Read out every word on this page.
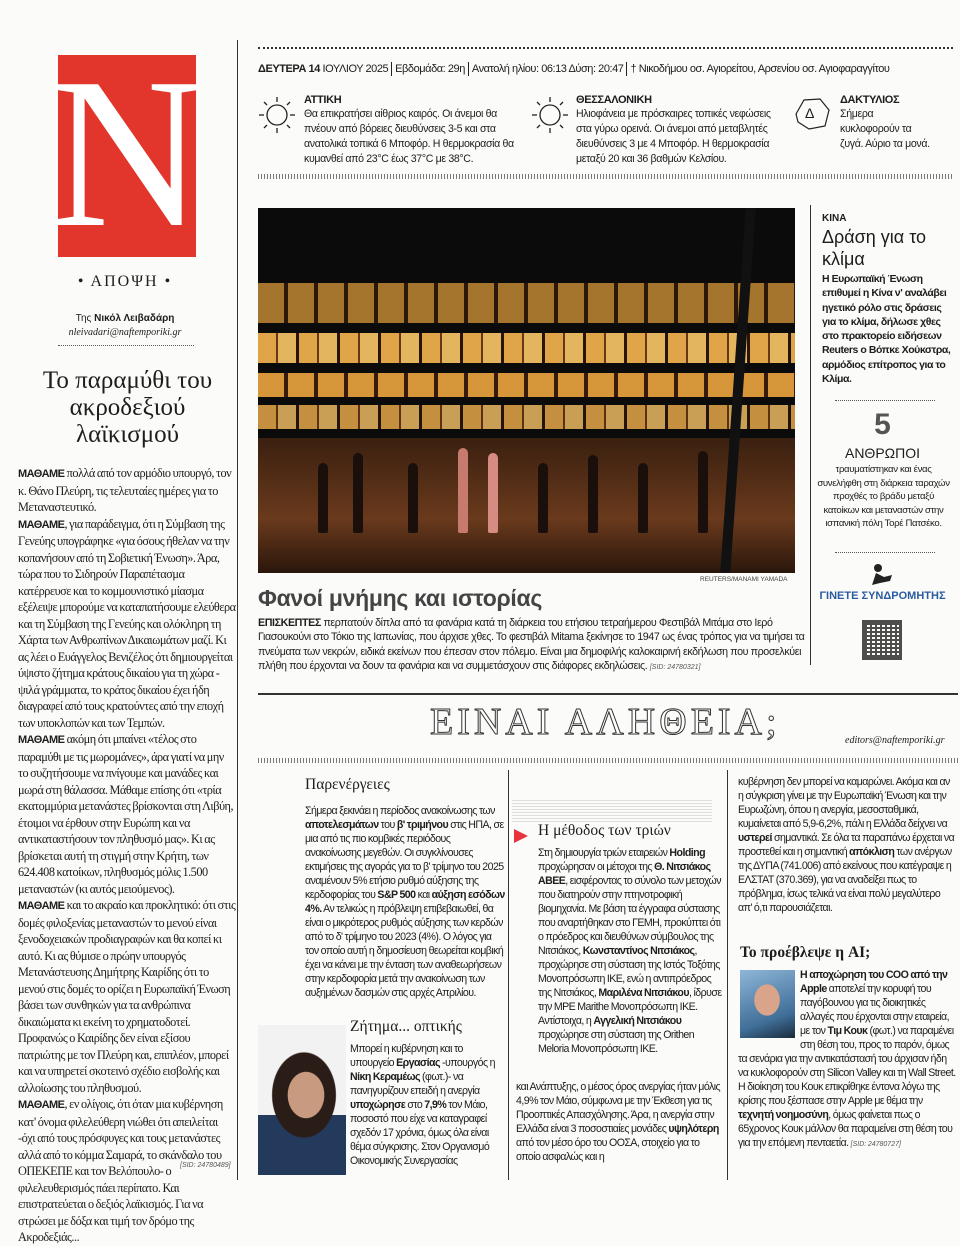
N
• ΑΠΟΨΗ •
Της Νικόλ Λειβαδάρη
nleivadari@naftemporiki.gr
Το παραμύθι του ακροδεξιού λαϊκισμού

ΜΑΘΑΜΕ πολλά από τον αρμόδιο υπουργό, τον κ. Θάνο Πλεύρη, τις τελευταίες ημέρες για το Μεταναστευτικό.

ΜΑΘΑΜΕ, για παράδειγμα, ότι η Σύμβαση της Γενεύης υπογράφηκε «για όσους ήθελαν να την κοπανήσουν από τη Σοβιετική Ένωση». Άρα, τώρα που το Σιδηρούν Παραπέτασμα κατέρρευσε και το κομμουνιστικό μίασμα εξέλειψε μπορούμε να καταπατήσουμε ελεύθερα και τη Σύμβαση της Γενεύης και ολόκληρη τη Χάρτα των Ανθρωπίνων Δικαιωμάτων μαζί. Κι ας λέει ο Ευάγγελος Βενιζέλος ότι δημιουργείται ύψιστο ζήτημα κράτους δικαίου για τη χώρα - ψιλά γράμματα, το κράτος δικαίου έχει ήδη διαγραφεί από τους κρατούντες από την εποχή των υποκλοπών και των Τεμπών.

ΜΑΘΑΜΕ ακόμη ότι μπαίνει «τέλος στο παραμύθι με τις μωρομάνες», άρα γιατί να μην το συζητήσουμε να πνίγουμε και μανάδες και μωρά στη θάλασσα. Μάθαμε επίσης ότι «τρία εκατομμύρια μετανάστες βρίσκονται στη Λιβύη, έτοιμοι να έρθουν στην Ευρώπη και να αντικαταστήσουν τον πληθυσμό μας». Κι ας βρίσκεται αυτή τη στιγμή στην Κρήτη, των 624.408 κατοίκων, πληθυσμός μόλις 1.500 μεταναστών (κι αυτός μειούμενος).

ΜΑΘΑΜΕ και το ακραίο και προκλητικό: ότι στις δομές φιλοξενίας μεταναστών το μενού είναι ξενοδοχειακών προδιαγραφών και θα κοπεί κι αυτό. Κι ας θύμισε ο πρώην υπουργός Μετανάστευσης Δημήτρης Καιρίδης ότι το μενού στις δομές το ορίζει η Ευρωπαϊκή Ένωση βάσει των συνθηκών για τα ανθρώπινα δικαιώματα κι εκείνη το χρηματοδοτεί. Προφανώς ο Καιρίδης δεν είναι εξίσου πατριώτης με τον Πλεύρη και, επιπλέον, μπορεί και να υπηρετεί σκοτεινό σχέδιο εισβολής και αλλοίωσης του πληθυσμού.

ΜΑΘΑΜΕ, εν ολίγοις, ότι όταν μια κυβέρνηση κατ' όνομα φιλελεύθερη νιώθει ότι απειλείται -όχι από τους πρόσφυγες και τους μετανάστες αλλά από το κόμμα Σαμαρά, το σκάνδαλο του ΟΠΕΚΕΠΕ και τον Βελόπουλο- ο φιλελευθερισμός πάει περίπατο. Και επιστρατεύεται ο δεξιός λαϊκισμός. Για να στρώσει με δόξα και τιμή τον δρόμο της Ακροδεξιάς...

[SID: 24780489]
ΔΕΥΤΕΡΑ 14 ΙΟΥΛΙΟΥ 2025 Εβδομάδα: 29η Ανατολή ηλίου: 06:13 Δύση: 20:47 † Νικοδήμου οσ. Αγιορείτου, Αρσενίου οσ. Αγιοφαραγγίτου
ΑΤΤΙΚΗ
Θα επικρατήσει αίθριος καιρός. Οι άνεμοι θα πνέουν από βόρειες διευθύνσεις 3-5 και στα ανατολικά τοπικά 6 Μποφόρ. Η θερμοκρασία θα κυμανθεί από 23°C έως 37°C με 38°C.
ΘΕΣΣΑΛΟΝΙΚΗ
Ηλιοφάνεια με πρόσκαιρες τοπικές νεφώσεις στα γύρω ορεινά. Οι άνεμοι από μεταβλητές διευθύνσεις 3 με 4 Μποφόρ. Η θερμοκρασία μεταξύ 20 και 36 βαθμών Κελσίου.
Δ
ΔΑΚΤΥΛΙΟΣ
Σήμερα κυκλοφορούν τα ζυγά. Αύριο τα μονά.
REUTERS/MANAMI YAMADA
Φανοί μνήμης και ιστορίας
ΕΠΙΣΚΕΠΤΕΣ περπατούν δίπλα από τα φανάρια κατά τη διάρκεια του ετήσιου τετραήμερου Φεστιβάλ Μιτάμα στο Ιερό Γιασουκούνι στο Τόκιο της Ιαπωνίας, που άρχισε χθες. Το φεστιβάλ Mitama ξεκίνησε το 1947 ως ένας τρόπος για να τιμήσει τα πνεύματα των νεκρών, ειδικά εκείνων που έπεσαν στον πόλεμο. Είναι μια δημοφιλής καλοκαιρινή εκδήλωση που προσελκύει πλήθη που έρχονται να δουν τα φανάρια και να συμμετάσχουν στις διάφορες εκδηλώσεις. [SID: 24780321]
ΚΙΝΑ
Δράση για το κλίμα
Η Ευρωπαϊκή Ένωση επιθυμεί η Κίνα ν' αναλάβει ηγετικό ρόλο στις δράσεις για το κλίμα, δήλωσε χθες στο πρακτορείο ειδήσεων Reuters ο Βόπκε Χούκστρα, αρμόδιος επίτροπος για το Κλίμα.
5
ΑΝΘΡΩΠΟΙ
τραυματίστηκαν και ένας συνελήφθη στη διάρκεια ταραχών προχθές το βράδυ μεταξύ κατοίκων και μεταναστών στην ισπανική πόλη Τορέ Πατσέκο.
ΓΙΝΕΤΕ ΣΥΝΔΡΟΜΗΤΗΣ
ΕΙΝΑΙ ΑΛΗΘΕΙΑ;	editors@naftemporiki.gr
Παρενέργειες
Σήμερα ξεκινάει η περίοδος ανακοίνωσης των αποτελεσμάτων του β' τριμήνου στις ΗΠΑ, σε μια από τις πιο κομβικές περιόδους ανακοίνωσης μεγεθών. Οι συγκλίνουσες εκτιμήσεις της αγοράς για το β' τρίμηνο του 2025 αναμένουν 5% ετήσιο ρυθμό αύξησης της κερδοφορίας του S&P 500 και αύξηση εσόδων 4%. Αν τελικώς η πρόβλεψη επιβεβαιωθεί, θα είναι ο μικρότερος ρυθμός αύξησης των κερδών από το δ' τρίμηνο του 2023 (4%). Ο λόγος για τον οποίο αυτή η δημοσίευση θεωρείται κομβική έχει να κάνει με την ένταση των αναθεωρήσεων στην κερδοφορία μετά την ανακοίνωση των αυξημένων δασμών στις αρχές Απριλίου.
Ζήτημα... οπτικής
Μπορεί η κυβέρνηση και το υπουργείο Εργασίας -υπουργός η Νίκη Κεραμέως (φωτ.)- να πανηγυρίζουν επειδή η ανεργία υποχώρησε στο 7,9% τον Μάιο, ποσοστό που είχε να καταγραφεί σχεδόν 17 χρόνια, όμως όλα είναι θέμα σύγκρισης. Στον Οργανισμό Οικονομικής Συνεργασίας
Η μέθοδος των τριών
Στη δημιουργία τριών εταιρειών Holding προχώρησαν οι μέτοχοι της Θ. Νιτσιάκος ΑΒΕΕ, εισφέροντας το σύνολο των μετοχών που διατηρούν στην πτηνοτροφική βιομηχανία. Με βάση τα έγγραφα σύστασης που αναρτήθηκαν στο ΓΕΜΗ, προκύπτει ότι ο πρόεδρος και διευθύνων σύμβουλος της Νιτσιάκος, Κωνσταντίνος Νιτσιάκος, προχώρησε στη σύσταση της Ιστός Τοξότης Μονοπρόσωπη ΙΚΕ, ενώ η αντιπρόεδρος της Νιτσιάκος, Μαριλένα Νιτσιάκου, ίδρυσε την ΜΡΕ Marithe Μονοπρόσωπη ΙΚΕ. Αντίστοιχα, η Αγγελική Νιτσιάκου προχώρησε στη σύσταση της Orithen Meloria Μονοπρόσωπη ΙΚΕ.
και Ανάπτυξης, ο μέσος όρος ανεργίας ήταν μόλις 4,9% τον Μάιο, σύμφωνα με την Έκθεση για τις Προοπτικές Απασχόλησης. Άρα, η ανεργία στην Ελλάδα είναι 3 ποσοστιαίες μονάδες υψηλότερη από τον μέσο όρο του ΟΟΣΑ, στοιχείο για το οποίο ασφαλώς και η
κυβέρνηση δεν μπορεί να καμαρώνει. Ακόμα και αν η σύγκριση γίνει με την Ευρωπαϊκή Ένωση και την Ευρωζώνη, όπου η ανεργία, μεσοσταθμικά, κυμαίνεται από 5,9-6,2%, πάλι η Ελλάδα δείχνει να υστερεί σημαντικά. Σε όλα τα παραπάνω έρχεται να προστεθεί και η σημαντική απόκλιση των ανέργων της ΔΥΠΑ (741.006) από εκείνους που κατέγραψε η ΕΛΣΤΑΤ (370.369), για να αναδείξει πως το πρόβλημα, ίσως τελικά να είναι πολύ μεγαλύτερο απ' ό,τι παρουσιάζεται.
Το προέβλεψε η AI;
Η αποχώρηση του COO από την Apple αποτελεί την κορυφή του παγόβουνου για τις διοικητικές αλλαγές που έρχονται στην εταιρεία, με τον Τιμ Κουκ (φωτ.) να παραμένει στη θέση του, προς το παρόν, όμως τα σενάρια για την αντικατάστασή του άρχισαν ήδη να κυκλοφορούν στη Silicon Valley και τη Wall Street. Η διοίκηση του Κουκ επικρίθηκε έντονα λόγω της κρίσης που ξέσπασε στην Apple με θέμα την τεχνητή νοημοσύνη, όμως φαίνεται πως ο 65χρονος Κουκ μάλλον θα παραμείνει στη θέση του για την επόμενη πενταετία. [SID: 24780727]
